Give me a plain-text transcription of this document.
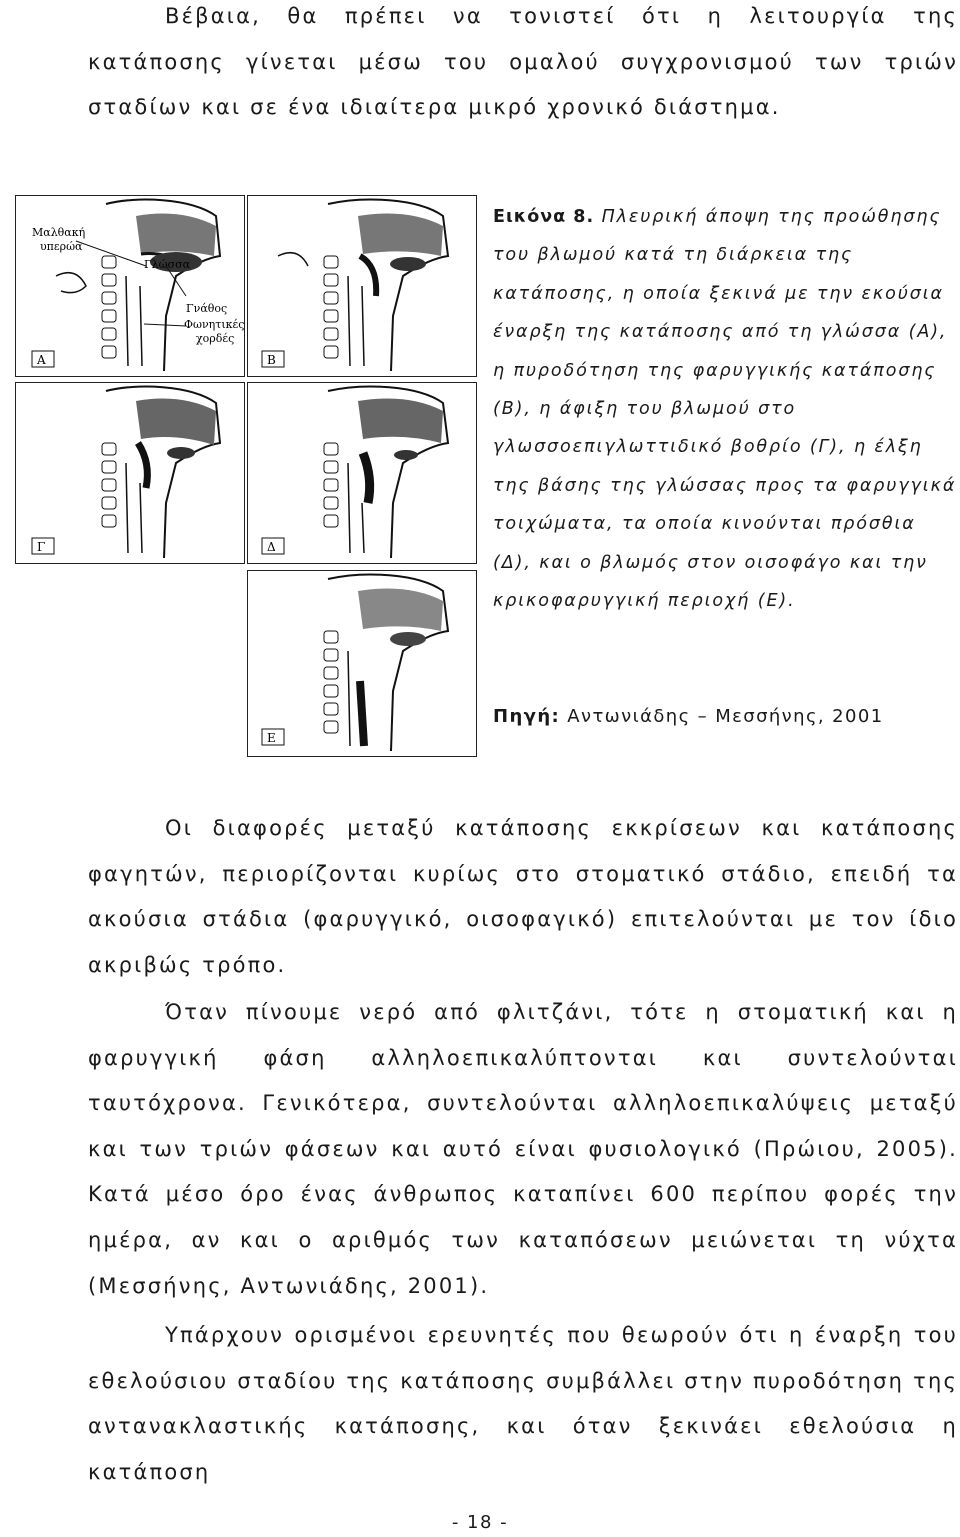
Βέβαια, θα πρέπει να τονιστεί ότι η λειτουργία της κατάποσης γίνεται μέσω του ομαλού συγχρονισμού των τριών σταδίων και σε ένα ιδιαίτερα μικρό χρονικό διάστημα.

Μαλθακή
υπερώα
Γλώσσα
Γνάθος
Φωνητικές
χορδές
Α	Β
Γ	Δ
Ε

Εικόνα 8. Πλευρική άποψη της προώθησης του βλωμού κατά τη διάρκεια της κατάποσης, η οποία ξεκινά με την εκούσια έναρξη της κατάποσης από τη γλώσσα (Α), η πυροδότηση της φαρυγγικής κατάποσης (Β), η άφιξη του βλωμού στο γλωσσοεπιγλωττιδικό βοθρίο (Γ), η έλξη της βάσης της γλώσσας προς τα φαρυγγικά τοιχώματα, τα οποία κινούνται πρόσθια (Δ), και ο βλωμός στον οισοφάγο και την κρικοφαρυγγική περιοχή (Ε).

Πηγή: Αντωνιάδης – Μεσσήνης, 2001

Οι διαφορές μεταξύ κατάποσης εκκρίσεων και κατάποσης φαγητών, περιορίζονται κυρίως στο στοματικό στάδιο, επειδή τα ακούσια στάδια (φαρυγγικό, οισοφαγικό) επιτελούνται με τον ίδιο ακριβώς τρόπο.

Όταν πίνουμε νερό από φλιτζάνι, τότε η στοματική και η φαρυγγική φάση αλληλοεπικαλύπτονται και συντελούνται ταυτόχρονα. Γενικότερα, συντελούνται αλληλοεπικαλύψεις μεταξύ και των τριών φάσεων και αυτό είναι φυσιολογικό (Πρώιου, 2005). Κατά μέσο όρο ένας άνθρωπος καταπίνει 600 περίπου φορές την ημέρα, αν και ο αριθμός των καταπόσεων μειώνεται τη νύχτα (Μεσσήνης, Αντωνιάδης, 2001).

Υπάρχουν ορισμένοι ερευνητές που θεωρούν ότι η έναρξη του εθελούσιου σταδίου της κατάποσης συμβάλλει στην πυροδότηση της αντανακλαστικής κατάποσης, και όταν ξεκινάει εθελούσια η κατάποση

- 18 -
